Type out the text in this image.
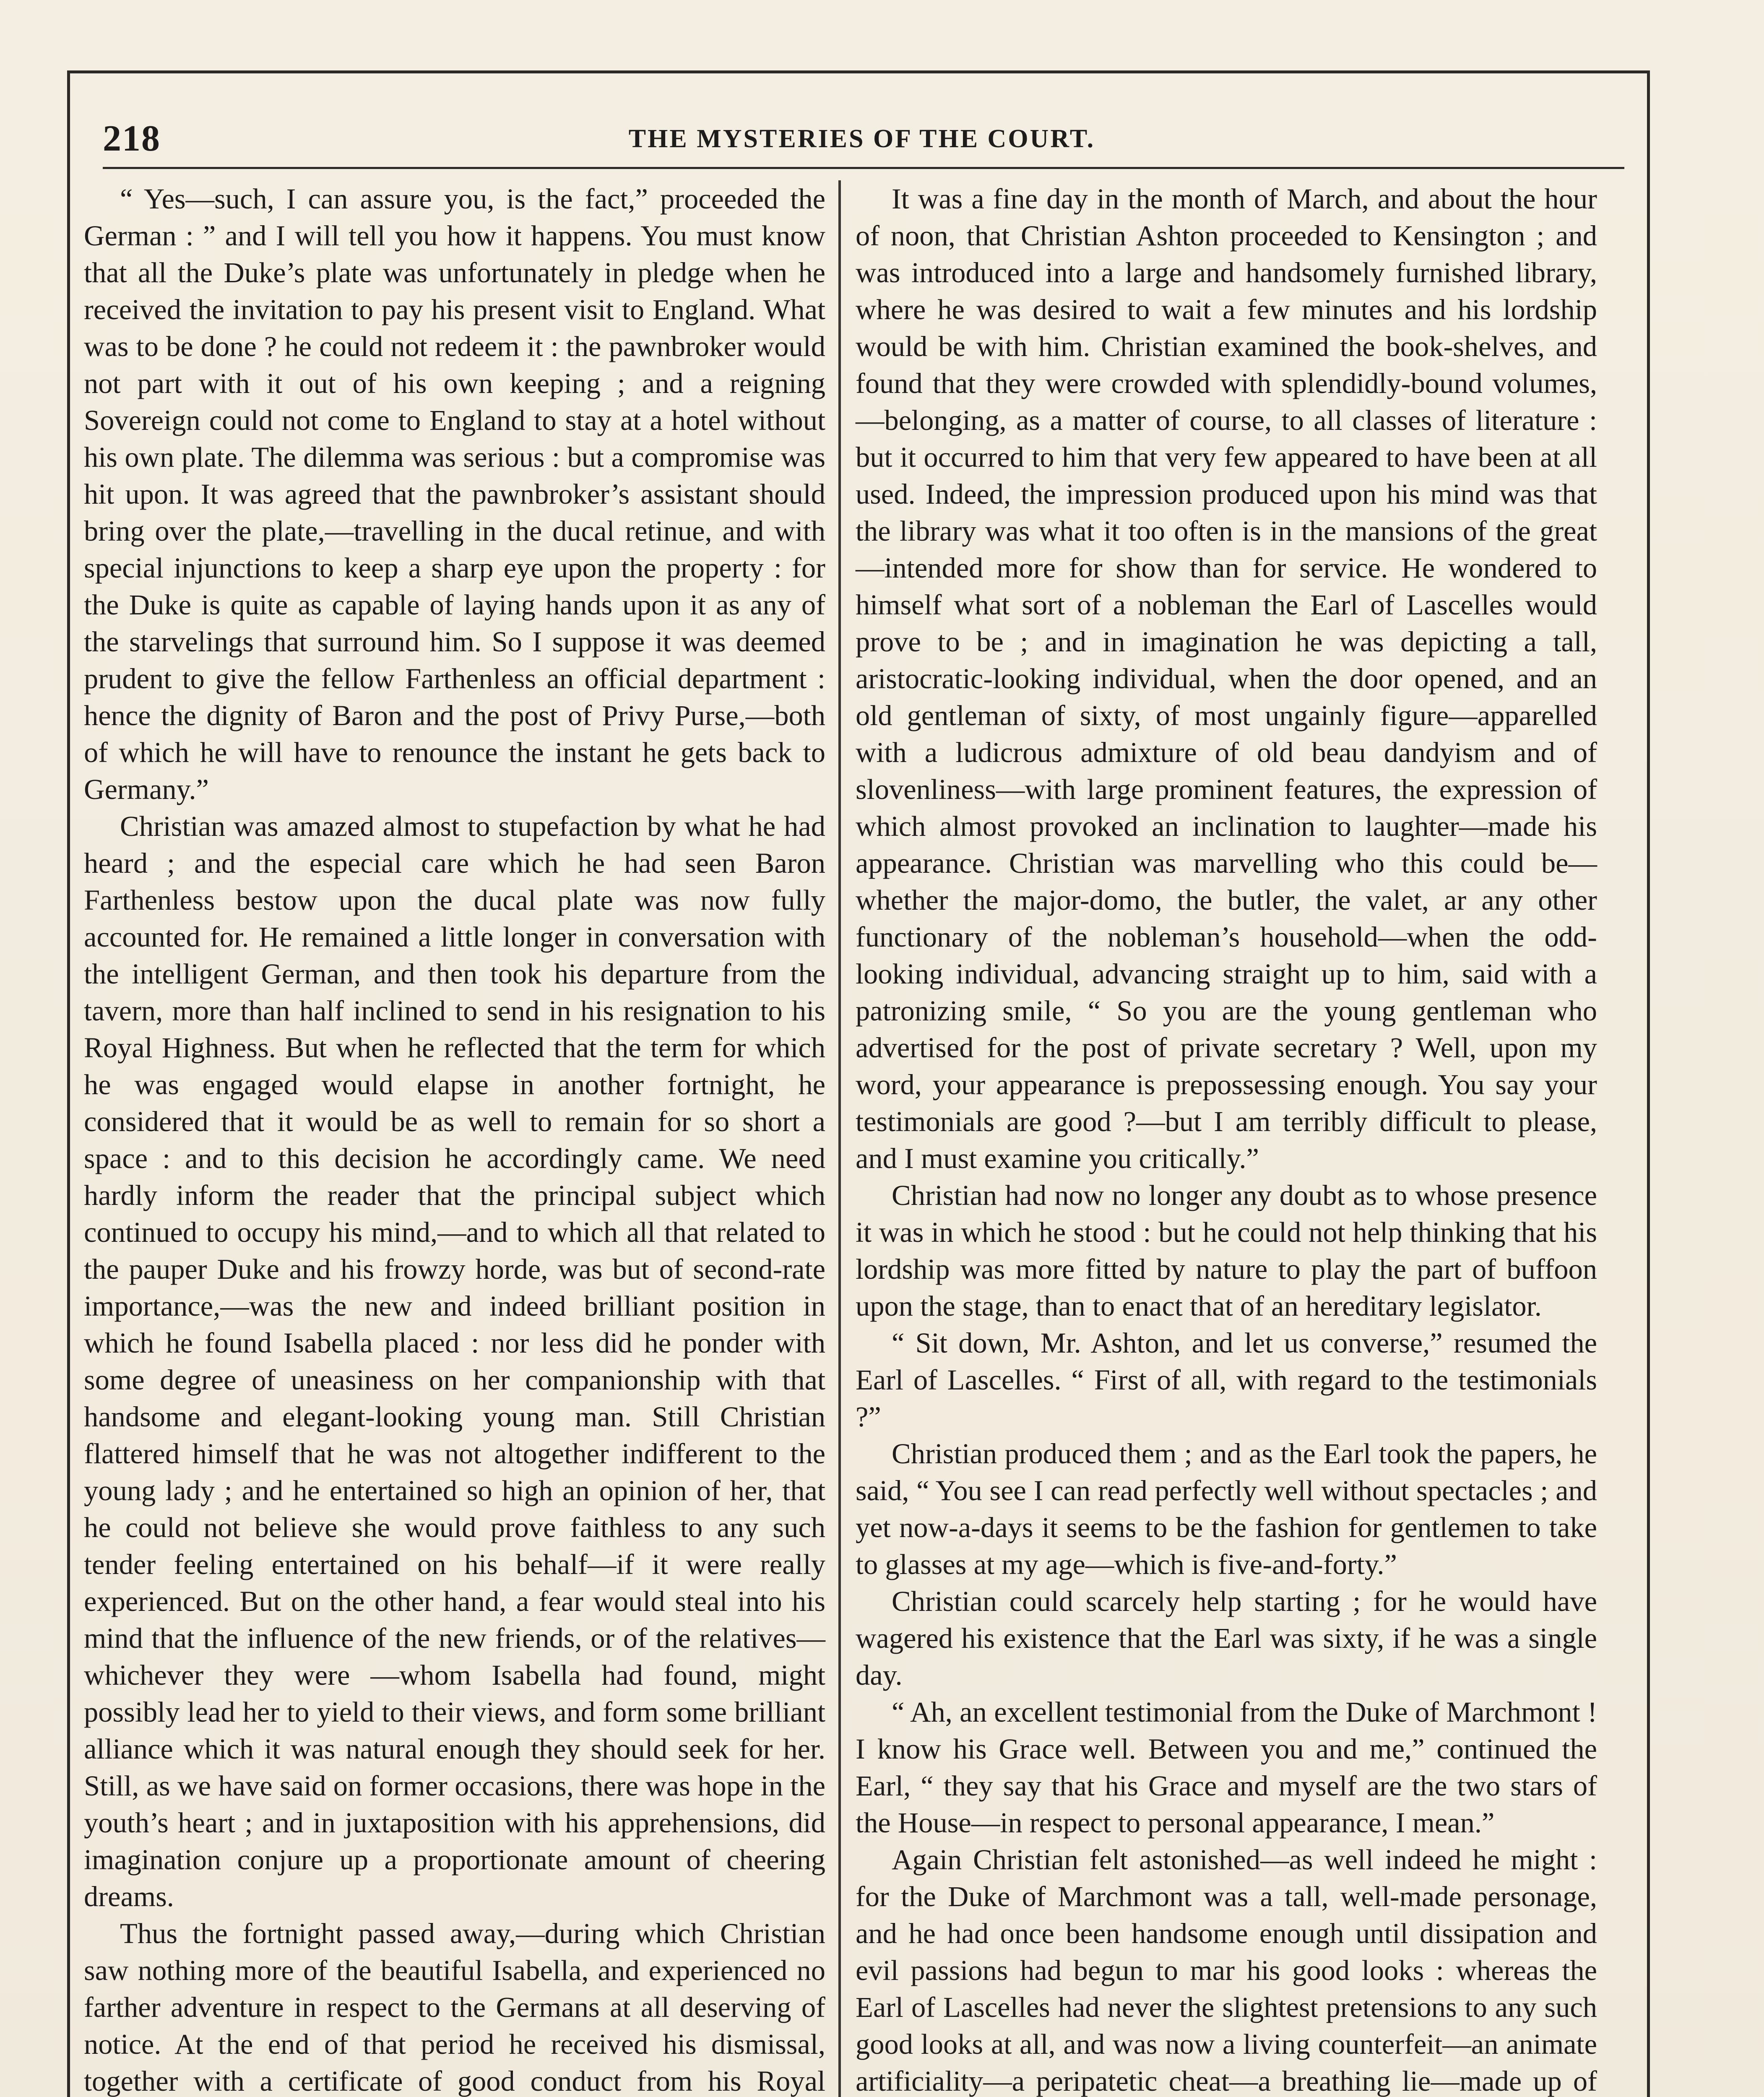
218	THE MYSTERIES OF THE COURT.

“ Yes—such, I can assure you, is the fact,” proceeded the German : ” and I will tell you how it happens. You must know that all the Duke’s plate was unfortunately in pledge when he received the invitation to pay his present visit to England. What was to be done ? he could not redeem it : the pawnbroker would not part with it out of his own keeping ; and a reigning Sovereign could not come to England to stay at a hotel without his own plate. The dilemma was serious : but a compromise was hit upon. It was agreed that the pawnbroker’s assistant should bring over the plate,—travelling in the ducal retinue, and with special injunctions to keep a sharp eye upon the property : for the Duke is quite as capable of laying hands upon it as any of the starvelings that surround him. So I suppose it was deemed prudent to give the fellow Farthenless an official department : hence the dignity of Baron and the post of Privy Purse,—both of which he will have to renounce the instant he gets back to Germany.”

Christian was amazed almost to stupefaction by what he had heard ; and the especial care which he had seen Baron Farthenless bestow upon the ducal plate was now fully accounted for. He remained a little longer in conversation with the intelligent German, and then took his departure from the tavern, more than half inclined to send in his resignation to his Royal Highness. But when he reflected that the term for which he was engaged would elapse in another fortnight, he considered that it would be as well to remain for so short a space : and to this decision he accordingly came. We need hardly inform the reader that the principal subject which continued to occupy his mind,—and to which all that related to the pauper Duke and his frowzy horde, was but of second-rate importance,—was the new and indeed brilliant position in which he found Isabella placed : nor less did he ponder with some degree of uneasiness on her companionship with that handsome and elegant-looking young man. Still Christian flattered himself that he was not altogether indifferent to the young lady ; and he entertained so high an opinion of her, that he could not believe she would prove faithless to any such tender feeling entertained on his behalf—if it were really experienced. But on the other hand, a fear would steal into his mind that the influence of the new friends, or of the relatives—whichever they were —whom Isabella had found, might possibly lead her to yield to their views, and form some brilliant alliance which it was natural enough they should seek for her. Still, as we have said on former occasions, there was hope in the youth’s heart ; and in juxtaposition with his apprehensions, did imagination conjure up a proportionate amount of cheering dreams.

Thus the fortnight passed away,—during which Christian saw nothing more of the beautiful Isabella, and experienced no farther adventure in respect to the Germans at all deserving of notice. At the end of that period he received his dismissal, together with a certificate of good conduct from his Royal

It was a fine day in the month of March, and about the hour of noon, that Christian Ashton proceeded to Kensington ; and was introduced into a large and handsomely furnished library, where he was desired to wait a few minutes and his lordship would be with him. Christian examined the book-shelves, and found that they were crowded with splendidly-bound volumes,—belonging, as a matter of course, to all classes of literature : but it occurred to him that very few appeared to have been at all used. Indeed, the impression produced upon his mind was that the library was what it too often is in the mansions of the great —intended more for show than for service. He wondered to himself what sort of a nobleman the Earl of Lascelles would prove to be ; and in imagination he was depicting a tall, aristocratic-looking individual, when the door opened, and an old gentleman of sixty, of most ungainly figure—apparelled with a ludicrous admixture of old beau dandyism and of slovenliness—with large prominent features, the expression of which almost provoked an inclination to laughter—made his appearance. Christian was marvelling who this could be—whether the major-domo, the butler, the valet, ar any other functionary of the nobleman’s household—when the odd-looking individual, advancing straight up to him, said with a patronizing smile, “ So you are the young gentleman who advertised for the post of private secretary ? Well, upon my word, your appearance is prepossessing enough. You say your testimonials are good ?—but I am terribly difficult to please, and I must examine you critically.”

Christian had now no longer any doubt as to whose presence it was in which he stood : but he could not help thinking that his lordship was more fitted by nature to play the part of buffoon upon the stage, than to enact that of an hereditary legislator.

“ Sit down, Mr. Ashton, and let us converse,” resumed the Earl of Lascelles. “ First of all, with regard to the testimonials ?”

Christian produced them ; and as the Earl took the papers, he said, “ You see I can read perfectly well without spectacles ; and yet now-a-days it seems to be the fashion for gentlemen to take to glasses at my age—which is five-and-forty.”

Christian could scarcely help starting ; for he would have wagered his existence that the Earl was sixty, if he was a single day.

“ Ah, an excellent testimonial from the Duke of Marchmont ! I know his Grace well. Between you and me,” continued the Earl, “ they say that his Grace and myself are the two stars of the House—in respect to personal appearance, I mean.”

Again Christian felt astonished—as well indeed he might : for the Duke of Marchmont was a tall, well-made personage, and he had once been handsome enough until dissipation and evil passions had begun to mar his good looks : whereas the Earl of Lascelles had never the slightest pretensions to any such good looks at all, and was now a living counterfeit—an animate artificiality—a peripatetic cheat—a breathing lie—made up of
